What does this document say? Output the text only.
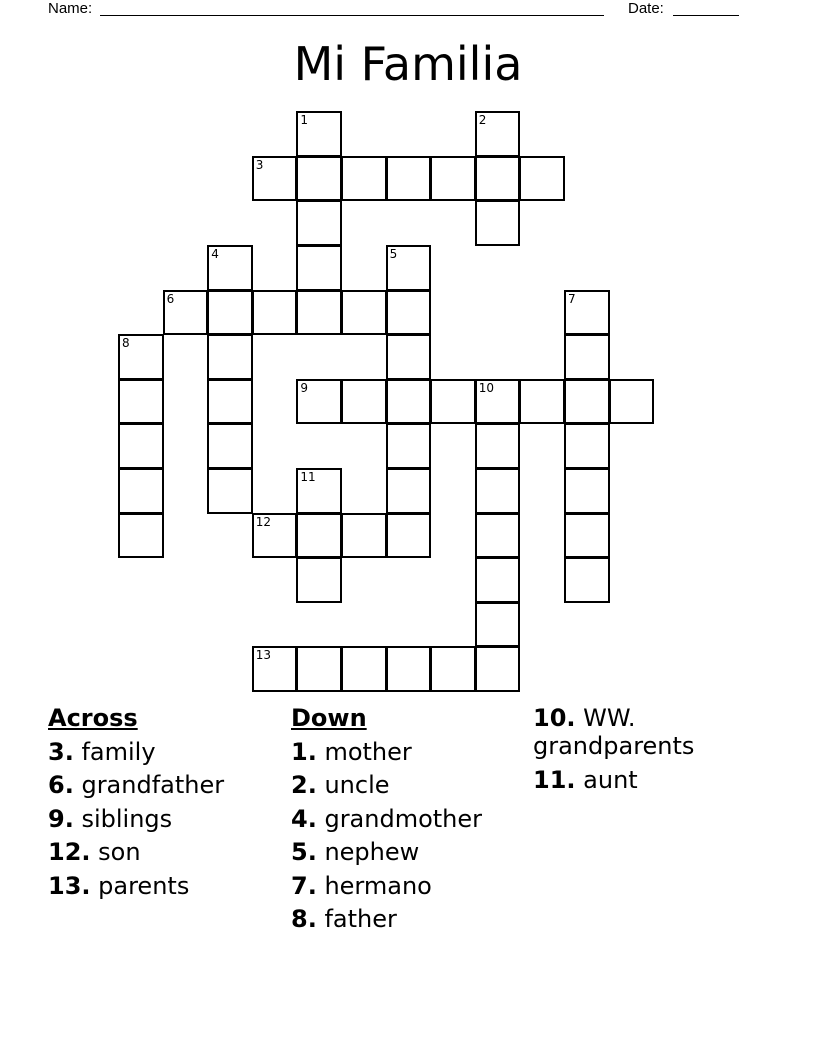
Name:	Date:
Mi Familia
1	2
3
4	5
6	7
8
9	10
11
12
13
Across
3. family
6. grandfather
9. siblings
12. son
13. parents
Down
1. mother
2. uncle
4. grandmother
5. nephew
7. hermano
8. father
10. WW. grandparents
11. aunt
